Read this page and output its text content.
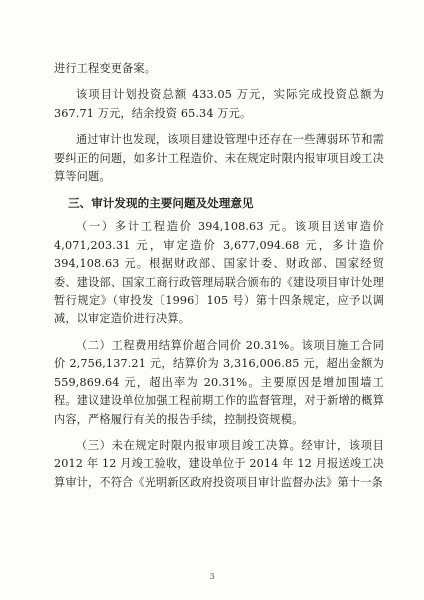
进行工程变更备案。

该项目计划投资总额 433.05 万元，实际完成投资总额为 367.71 万元，结余投资 65.34 万元。

通过审计也发现，该项目建设管理中还存在一些薄弱环节和需要纠正的问题，如多计工程造价、未在规定时限内报审项目竣工决算等问题。

三、审计发现的主要问题及处理意见

（一）多计工程造价 394,108.63 元。该项目送审造价 4,071,203.31 元，审定造价 3,677,094.68 元，多计造价 394,108.63 元。根据财政部、国家计委、财政部、国家经贸委、建设部、国家工商行政管理局联合颁布的《建设项目审计处理暂行规定》（审投发〔1996〕105 号）第十四条规定，应予以调减，以审定造价进行决算。

（二）工程费用结算价超合同价 20.31%。该项目施工合同价 2,756,137.21 元，结算价为 3,316,006.85 元，超出金额为 559,869.64 元，超出率为 20.31%。主要原因是增加围墙工程。建议建设单位加强工程前期工作的监督管理，对于新增的概算内容，严格履行有关的报告手续，控制投资规模。

（三）未在规定时限内报审项目竣工决算。经审计，该项目 2012 年 12 月竣工验收，建设单位于 2014 年 12 月报送竣工决算审计，不符合《光明新区政府投资项目审计监督办法》第十一条

3
